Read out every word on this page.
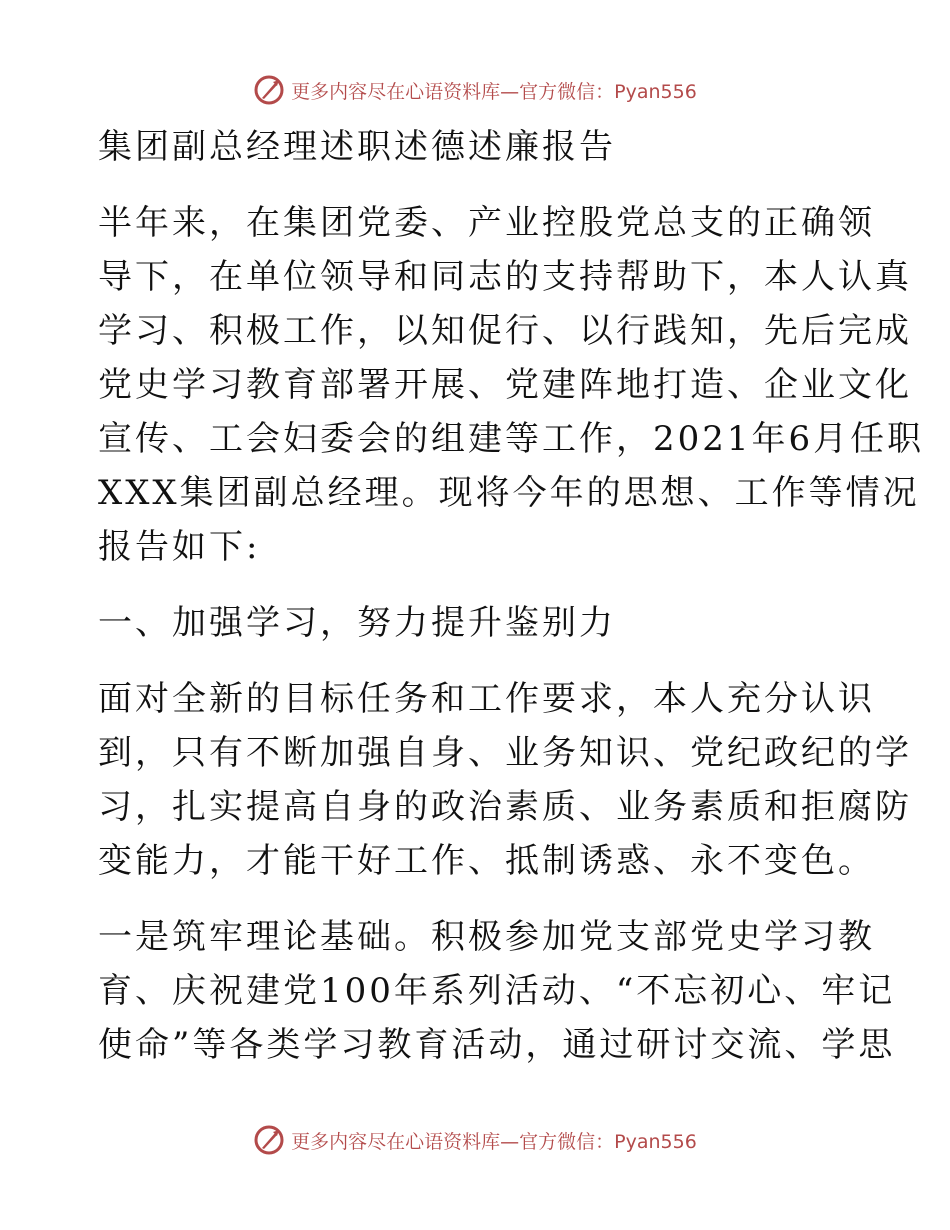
更多内容尽在心语资料库—官方微信：Pyan556
集团副总经理述职述德述廉报告
半年来，在集团党委、产业控股党总支的正确领
导下，在单位领导和同志的支持帮助下，本人认真
学习、积极工作，以知促行、以行践知，先后完成
党史学习教育部署开展、党建阵地打造、企业文化
宣传、工会妇委会的组建等工作，2021年6月任职
XXX集团副总经理。现将今年的思想、工作等情况
报告如下:
一、加强学习，努力提升鉴别力
面对全新的目标任务和工作要求，本人充分认识
到，只有不断加强自身、业务知识、党纪政纪的学
习，扎实提高自身的政治素质、业务素质和拒腐防
变能力，才能干好工作、抵制诱惑、永不变色。
一是筑牢理论基础。积极参加党支部党史学习教
育、庆祝建党100年系列活动、“不忘初心、牢记
使命”等各类学习教育活动，通过研讨交流、学思
更多内容尽在心语资料库—官方微信：Pyan556
